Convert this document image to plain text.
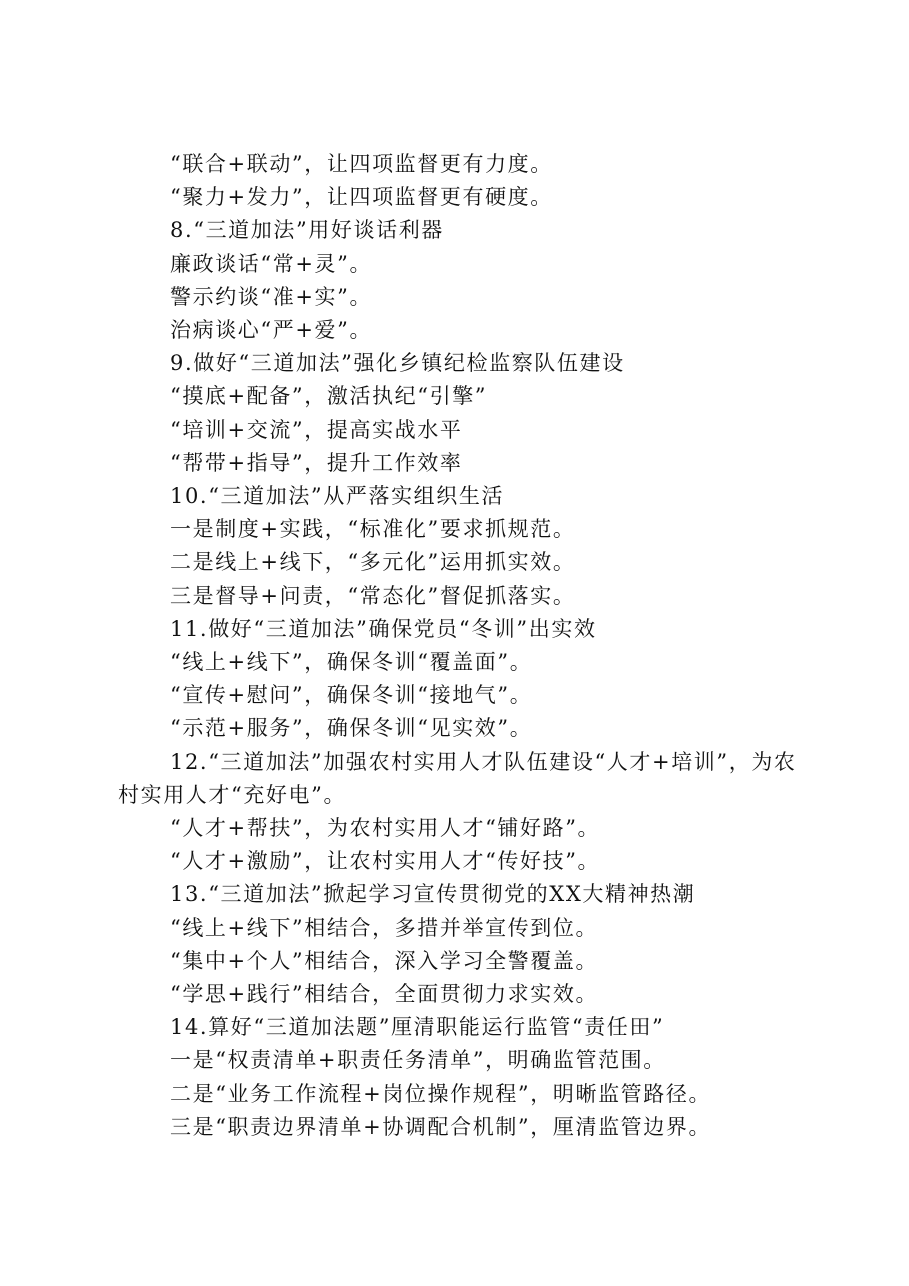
“联合+联动”，让四项监督更有力度。

“聚力+发力”，让四项监督更有硬度。

8.“三道加法”用好谈话利器

廉政谈话“常+灵”。

警示约谈“准+实”。

治病谈心“严+爱”。

9.做好“三道加法”强化乡镇纪检监察队伍建设

“摸底+配备”，激活执纪“引擎”

“培训+交流”，提高实战水平

“帮带+指导”，提升工作效率

10.“三道加法”从严落实组织生活

一是制度+实践，“标准化”要求抓规范。

二是线上+线下，“多元化”运用抓实效。

三是督导+问责，“常态化”督促抓落实。

11.做好“三道加法”确保党员“冬训”出实效

“线上+线下”，确保冬训“覆盖面”。

“宣传+慰问”，确保冬训“接地气”。

“示范+服务”，确保冬训“见实效”。

12.“三道加法”加强农村实用人才队伍建设“人才+培训”，为农村实用人才“充好电”。

“人才+帮扶”，为农村实用人才“铺好路”。

“人才+激励”，让农村实用人才“传好技”。

13.“三道加法”掀起学习宣传贯彻党的XX大精神热潮

“线上+线下”相结合，多措并举宣传到位。

“集中+个人”相结合，深入学习全警覆盖。

“学思+践行”相结合，全面贯彻力求实效。

14.算好“三道加法题”厘清职能运行监管“责任田”

一是“权责清单+职责任务清单”，明确监管范围。

二是“业务工作流程+岗位操作规程”，明晰监管路径。

三是“职责边界清单+协调配合机制”，厘清监管边界。
